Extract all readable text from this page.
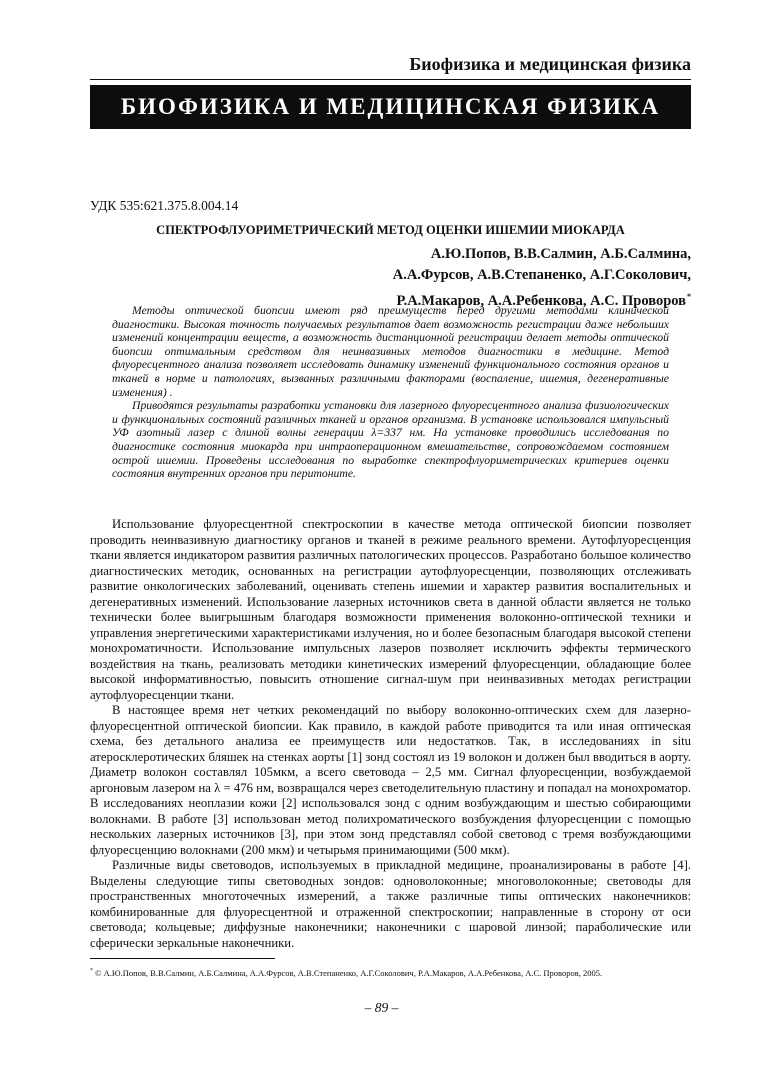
Биофизика и медицинская физика
БИОФИЗИКА И МЕДИЦИНСКАЯ ФИЗИКА
УДК 535:621.375.8.004.14
СПЕКТРОФЛУОРИМЕТРИЧЕСКИЙ МЕТОД ОЦЕНКИ ИШЕМИИ МИОКАРДА
А.Ю.Попов, В.В.Салмин, А.Б.Салмина,
А.А.Фурсов, А.В.Степаненко, А.Г.Соколович,
Р.А.Макаров, А.А.Ребенкова, А.С. Проворов*

Методы оптической биопсии имеют ряд преимуществ перед другими методами клинической диагностики. Высокая точность получаемых результатов дает возможность регистрации даже небольших изменений концентрации веществ, а возможность дистанционной регистрации делает методы оптической биопсии оптимальным средством для неинвазивных методов диагностики в медицине. Метод флуоресцентного анализа позволяет исследовать динамику изменений функционального состояния органов и тканей в норме и патологиях, вызванных различными факторами (воспаление, ишемия, дегенеративные изменения) .

Приводятся результаты разработки установки для лазерного флуоресцентного анализа физиологических и функциональных состояний различных тканей и органов организма. В установке использовался импульсный УФ азотный лазер с длиной волны генерации λ=337 нм. На установке проводились исследования по диагностике состояния миокарда при интраоперационном вмешательстве, сопровождаемом состоянием острой ишемии. Проведены исследования по выработке спектрофлуориметрических критериев оценки состояния внутренних органов при перитоните.

Использование флуоресцентной спектроскопии в качестве метода оптической биопсии позволяет проводить неинвазивную диагностику органов и тканей в режиме реального времени. Аутофлуоресценция ткани является индикатором развития различных патологических процессов. Разработано большое количество диагностических методик, основанных на регистрации аутофлуоресценции, позволяющих отслеживать развитие онкологических заболеваний, оценивать степень ишемии и характер развития воспалительных и дегенеративных изменений. Использование лазерных источников света в данной области является не только технически более выигрышным благодаря возможности применения волоконно-оптической техники и управления энергетическими характеристиками излучения, но и более безопасным благодаря высокой степени монохроматичности. Использование импульсных лазеров позволяет исключить эффекты термического воздействия на ткань, реализовать методики кинетических измерений флуоресценции, обладающие более высокой информативностью, повысить отношение сигнал-шум при неинвазивных методах регистрации аутофлуоресценции ткани.

В настоящее время нет четких рекомендаций по выбору волоконно-оптических схем для лазерно-флуоресцентной оптической биопсии. Как правило, в каждой работе приводится та или иная оптическая схема, без детального анализа ее преимуществ или недостатков. Так, в исследованиях in situ атеросклеротических бляшек на стенках аорты [1] зонд состоял из 19 волокон и должен был вводиться в аорту. Диаметр волокон составлял 105мкм, а всего световода – 2,5 мм. Сигнал флуоресценции, возбуждаемой аргоновым лазером на λ = 476 нм, возвращался через светоделительную пластину и попадал на монохроматор. В исследованиях неоплазии кожи [2] использовался зонд с одним возбуждающим и шестью собирающими волокнами. В работе [3] использован метод полихроматического возбуждения флуоресценции с помощью нескольких лазерных источников [3], при этом зонд представлял собой световод с тремя возбуждающими флуоресценцию волокнами (200 мкм) и четырьмя принимающими (500 мкм).

Различные виды световодов, используемых в прикладной медицине, проанализированы в работе [4]. Выделены следующие типы световодных зондов: одноволоконные; многоволоконные; световоды для пространственных многоточечных измерений, а также различные типы оптических наконечников: комбинированные для флуоресцентной и отраженной спектроскопии; направленные в сторону от оси световода; кольцевые; диффузные наконечники; наконечники с шаровой линзой; параболические или сферически зеркальные наконечники.

* © А.Ю.Попов, В.В.Салмин, А.Б.Салмина, А.А.Фурсов, А.В.Степаненко, А.Г.Соколович, Р.А.Макаров, А.А.Ребенкова, А.С. Проворов, 2005.
– 89 –
